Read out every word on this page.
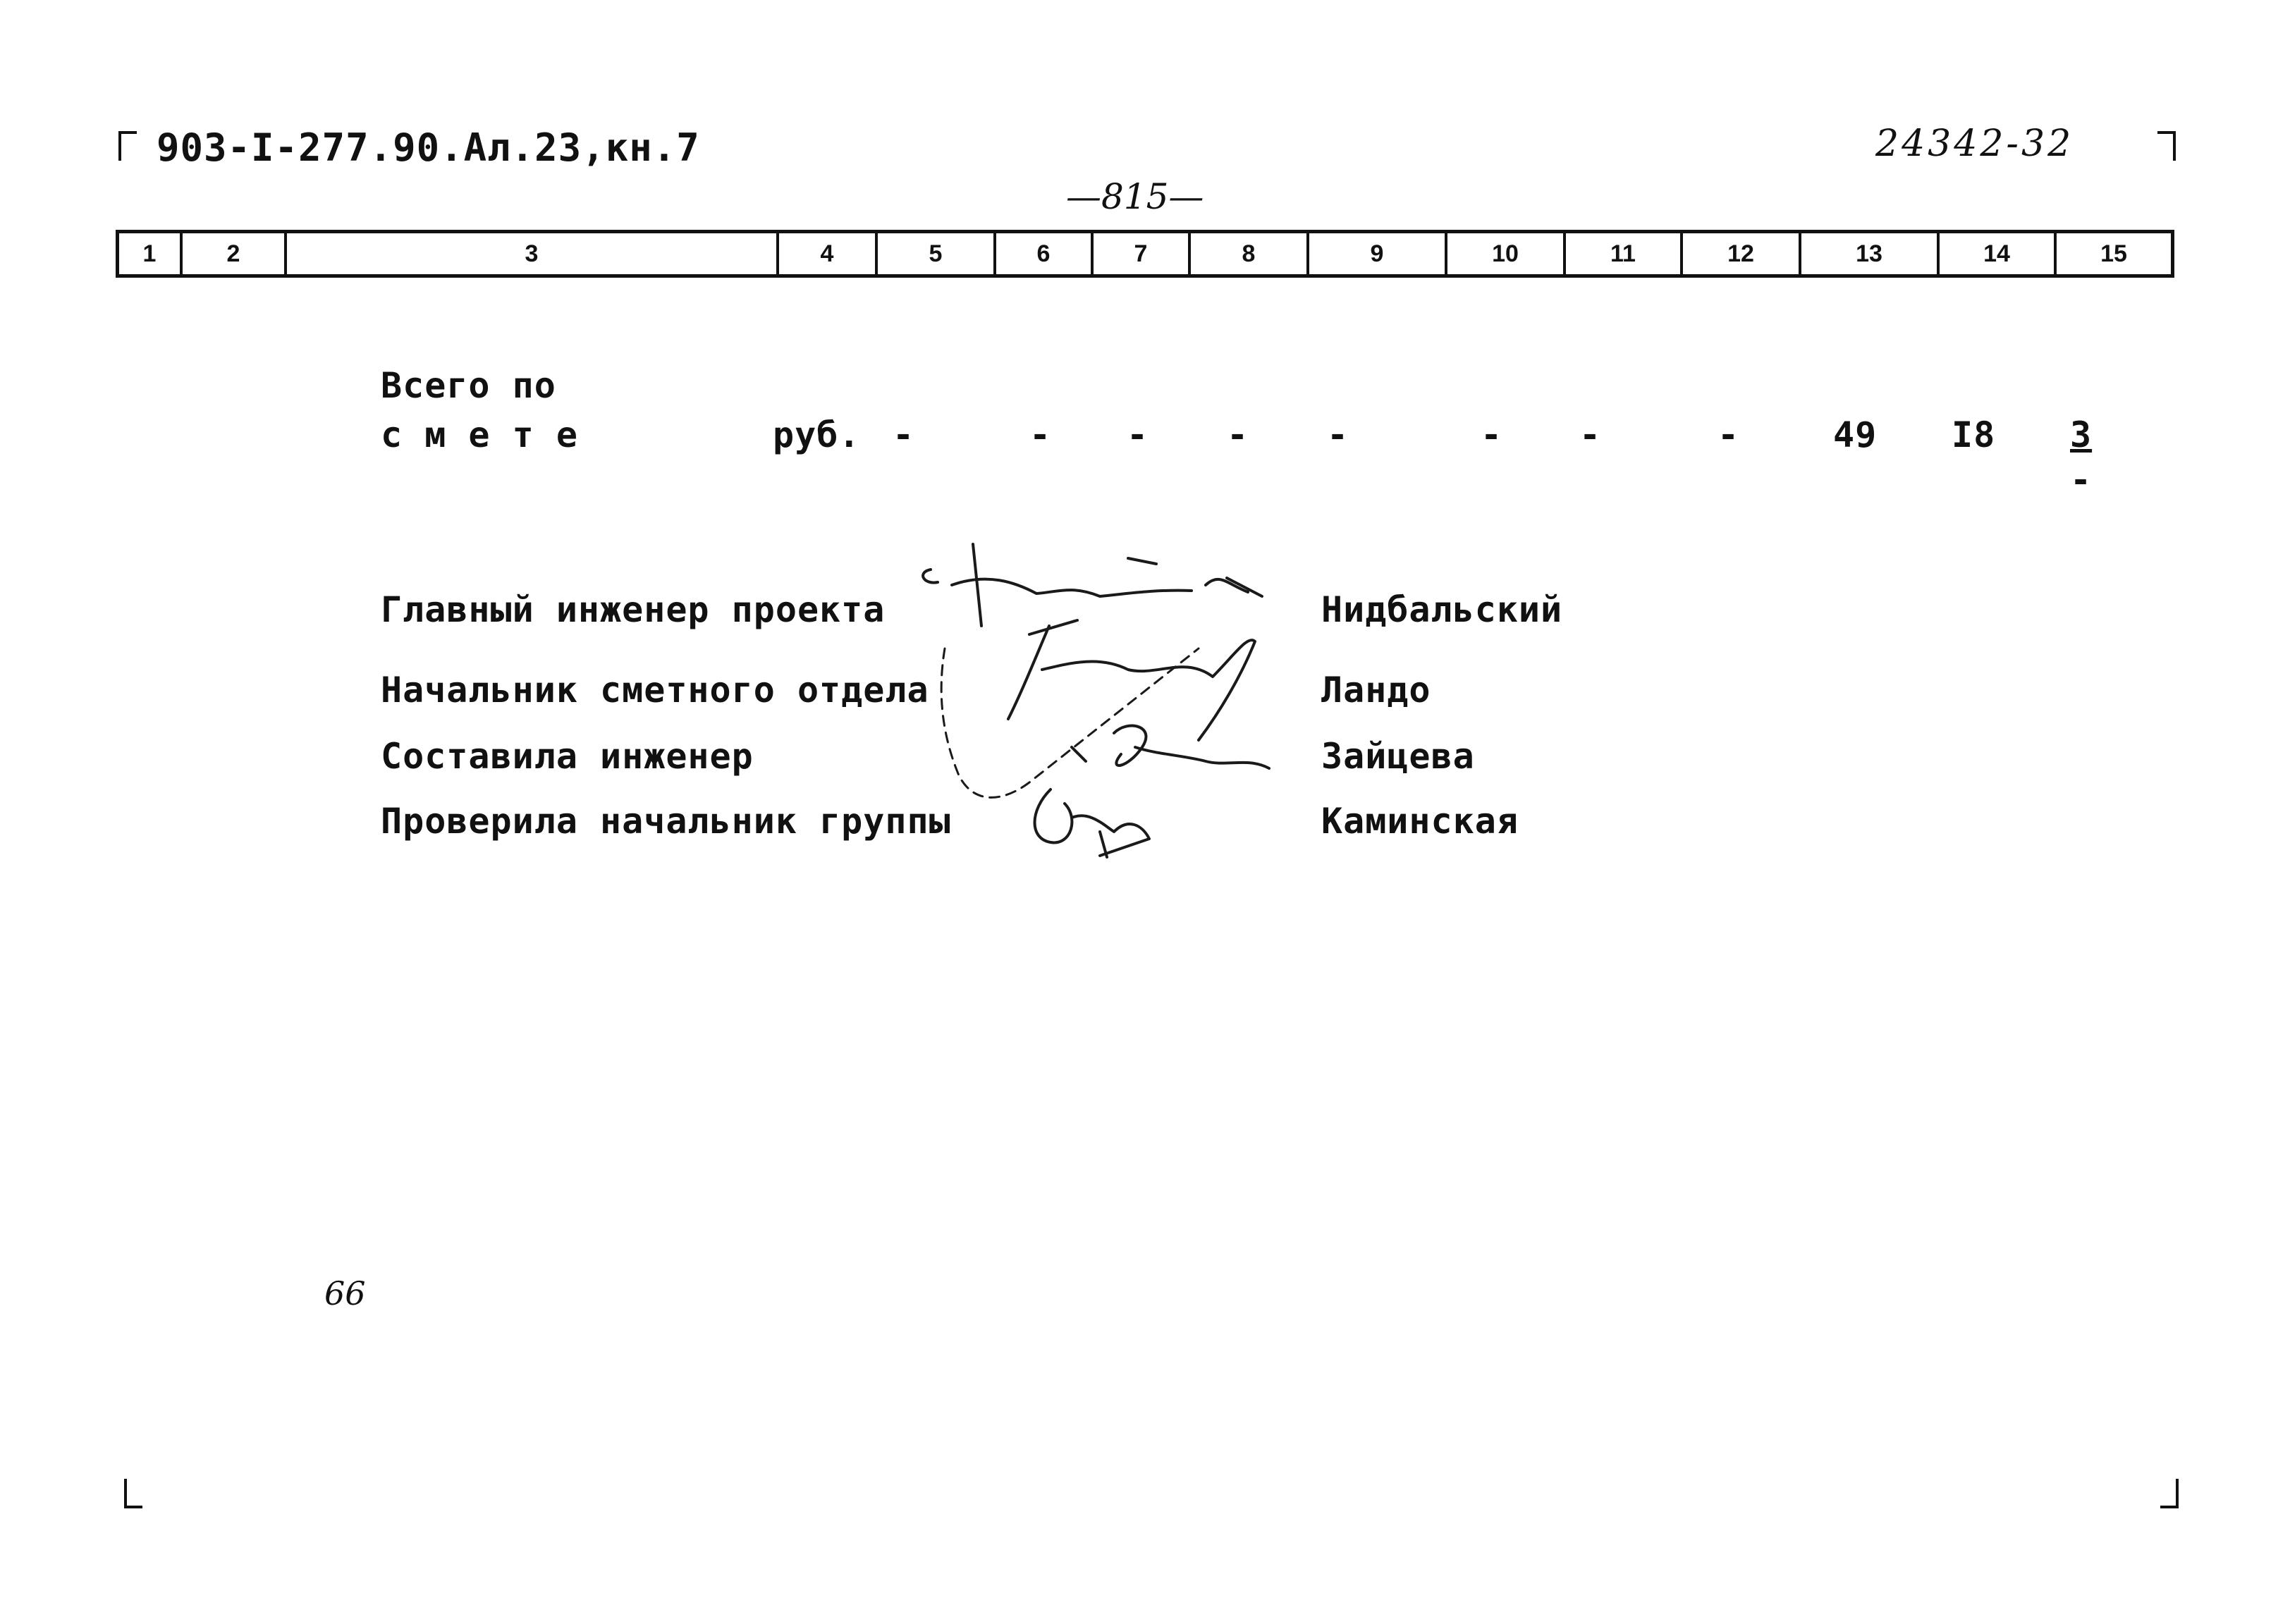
903-I-277.90.Ал.23,кн.7	24342-32
—815—
1	2	3	4	5	6	7	8	9	10	11	12	13	14	15
Всего по
с м е т е	руб. -	- - - -	- -	-	49 I8 3
-
Главный инженер проекта	Нидбальский
Начальник сметного отдела	Ландо
Составила инженер	Зайцева
Проверила начальник группы	Каминская
66
